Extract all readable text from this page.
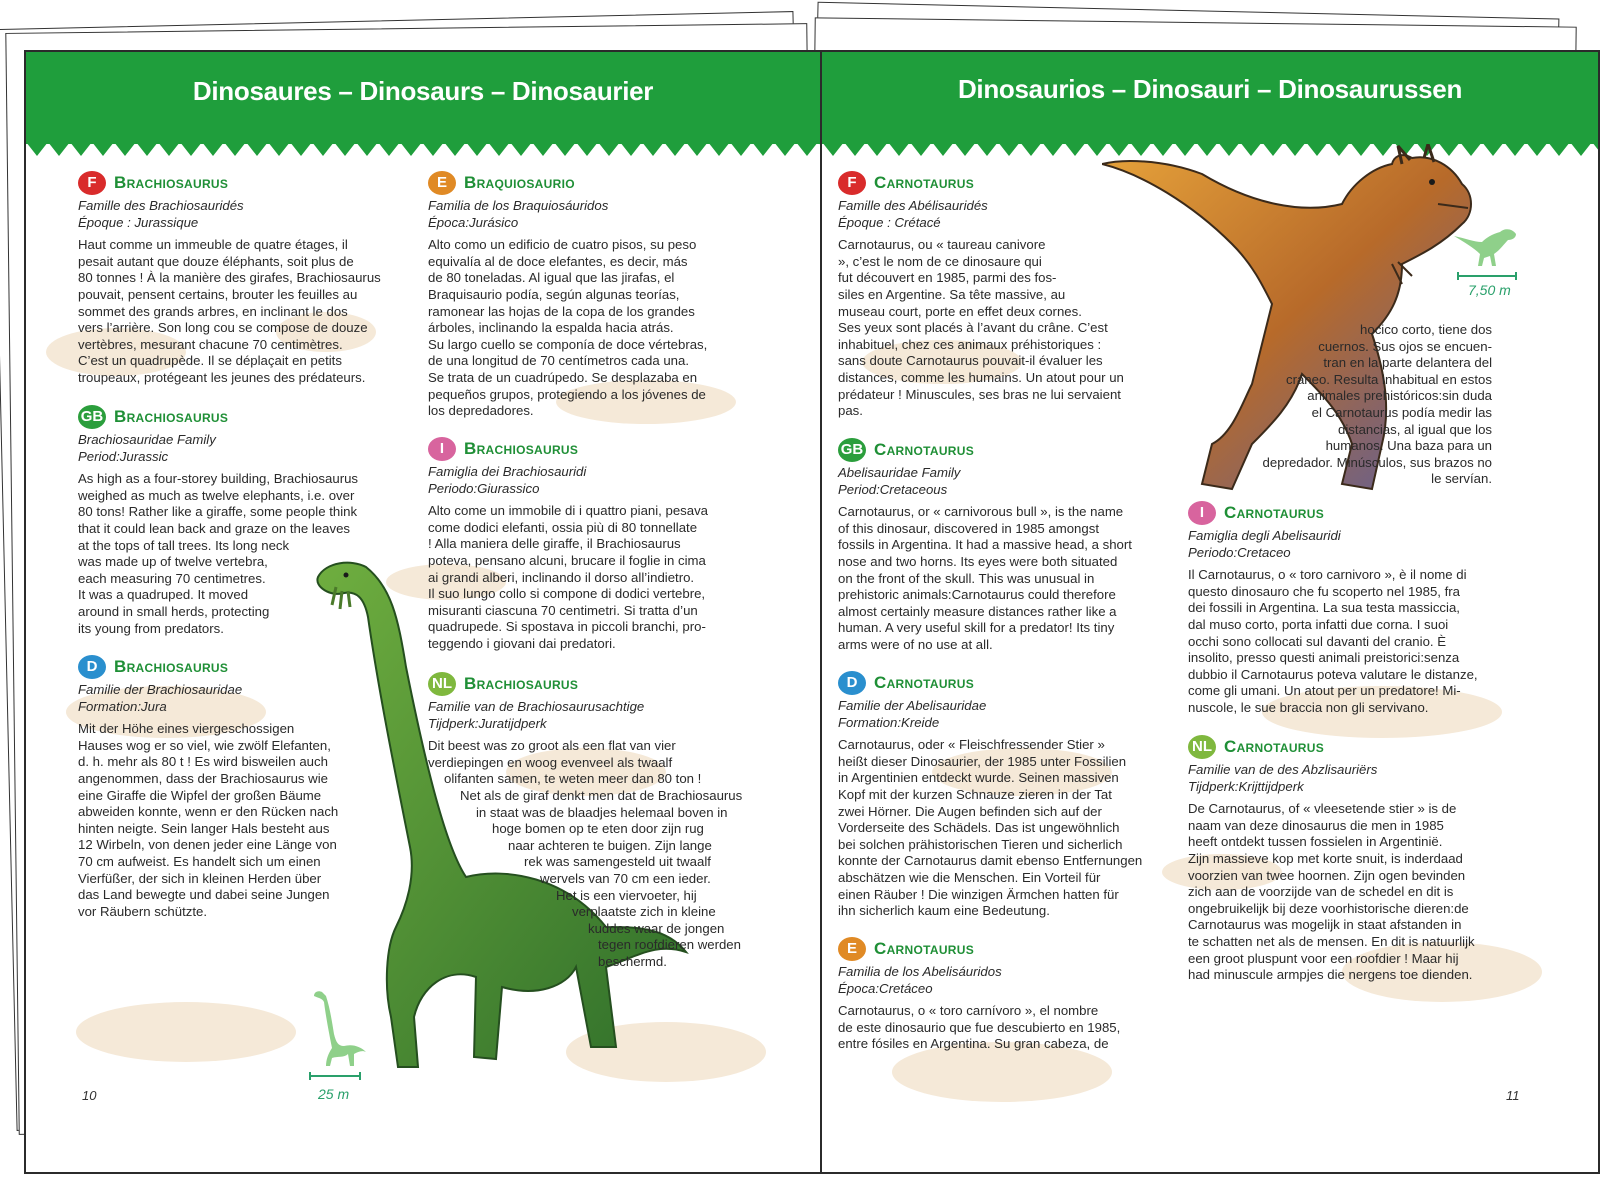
Dinosaures – Dinosaurs – Dinosaurier
25 m
F	Brachiosaurus
Famille des Brachiosauridés
Époque : Jurassique
Haut comme un immeuble de quatre étages, il
pesait autant que douze éléphants, soit plus de
80 tonnes ! À la manière des girafes, Brachiosaurus
pouvait, pensent certains, brouter les feuilles au
sommet des grands arbres, en inclinant le dos
vers l’arrière. Son long cou se compose de douze
vertèbres, mesurant chacune 70 centimètres.
C’est un quadrupède. Il se déplaçait en petits
troupeaux, protégeant les jeunes des prédateurs.
GB Brachiosaurus
Brachiosauridae Family
Period:Jurassic
As high as a four-storey building, Brachiosaurus
weighed as much as twelve elephants, i.e. over
80 tons! Rather like a giraffe, some people think
that it could lean back and graze on the leaves
at the tops of tall trees. Its long neck
was made up of twelve vertebra,
each measuring 70 centimetres.
It was a quadruped. It moved
around in small herds, protecting
its young from predators.
D Brachiosaurus
Familie der Brachiosauridae
Formation:Jura
Mit der Höhe eines viergeschossigen
Hauses wog er so viel, wie zwölf Elefanten,
d. h. mehr als 80 t ! Es wird bisweilen auch
angenommen, dass der Brachiosaurus wie
eine Giraffe die Wipfel der großen Bäume
abweiden konnte, wenn er den Rücken nach
hinten neigte. Sein langer Hals besteht aus
12 Wirbeln, von denen jeder eine Länge von
70 cm aufweist. Es handelt sich um einen
Vierfüßer, der sich in kleinen Herden über
das Land bewegte und dabei seine Jungen
vor Räubern schützte.
E	Braquiosaurio
Familia de los Braquiosáuridos
Época:Jurásico
Alto como un edificio de cuatro pisos, su peso
equivalía al de doce elefantes, es decir, más
de 80 toneladas. Al igual que las jirafas, el
Braquisaurio podía, según algunas teorías,
ramonear las hojas de la copa de los grandes
árboles, inclinando la espalda hacia atrás.
Su largo cuello se componía de doce vértebras,
de una longitud de 70 centímetros cada una.
Se trata de un cuadrúpedo. Se desplazaba en
pequeños grupos, protegiendo a los jóvenes de
los depredadores.
I	Brachiosaurus
Famiglia dei Brachiosauridi
Periodo:Giurassico
Alto come un immobile di i quattro piani, pesava
come dodici elefanti, ossia più di 80 tonnellate
! Alla maniera delle giraffe, il Brachiosaurus
poteva, pensano alcuni, brucare il foglie in cima
ai grandi alberi, inclinando il dorso all’indietro.
Il suo lungo collo si compone di dodici vertebre,
misuranti ciascuna 70 centimetri. Si tratta d’un
quadrupede. Si spostava in piccoli branchi, pro-
teggendo i giovani dai predatori.
NL Brachiosaurus
Familie van de Brachiosaurusachtige
Tijdperk:Juratijdperk
Dit beest was zo groot als een flat van vier
verdiepingen en woog evenveel als twaalf
olifanten samen, te weten meer dan 80 ton !
Net als de giraf denkt men dat de Brachiosaurus
in staat was de blaadjes helemaal boven in
hoge bomen op te eten door zijn rug
naar achteren te buigen. Zijn lange
rek was samengesteld uit twaalf
wervels van 70 cm een ieder.
Het is een viervoeter, hij
verplaatste zich in kleine
kuddes waar de jongen
tegen roofdieren werden
beschermd.
10
Dinosaurios – Dinosauri – Dinosaurussen
7,50 m
F	Carnotaurus
Famille des Abélisauridés
Époque : Crétacé
Carnotaurus, ou « taureau canivore
», c’est le nom de ce dinosaure qui
fut découvert en 1985, parmi des fos-
siles en Argentine. Sa tête massive, au
museau court, porte en effet deux cornes.
Ses yeux sont placés à l’avant du crâne. C’est
inhabituel, chez ces animaux préhistoriques :
sans doute Carnotaurus pouvait-il évaluer les
distances, comme les humains. Un atout pour un
prédateur ! Minuscules, ses bras ne lui servaient
pas.
GB Carnotaurus
Abelisauridae Family
Period:Cretaceous
Carnotaurus, or « carnivorous bull », is the name
of this dinosaur, discovered in 1985 amongst
fossils in Argentina. It had a massive head, a short
nose and two horns. Its eyes were both situated
on the front of the skull. This was unusual in
prehistoric animals:Carnotaurus could therefore
almost certainly measure distances rather like a
human. A very useful skill for a predator! Its tiny
arms were of no use at all.
D Carnotaurus
Familie der Abelisauridae
Formation:Kreide
Carnotaurus, oder « Fleischfressender Stier »
heißt dieser Dinosaurier, der 1985 unter Fossilien
in Argentinien entdeckt wurde. Seinen massiven
Kopf mit der kurzen Schnauze zieren in der Tat
zwei Hörner. Die Augen befinden sich auf der
Vorderseite des Schädels. Das ist ungewöhnlich
bei solchen prähistorischen Tieren und sicherlich
konnte der Carnotaurus damit ebenso Entfernungen
abschätzen wie die Menschen. Ein Vorteil für
einen Räuber ! Die winzigen Ärmchen hatten für
ihn sicherlich kaum eine Bedeutung.
E	Carnotaurus
Familia de los Abelisáuridos
Época:Cretáceo
Carnotaurus, o « toro carnívoro », el nombre
de este dinosaurio que fue descubierto en 1985,
entre fósiles en Argentina. Su gran cabeza, de
hocico corto, tiene dos
cuernos. Sus ojos se encuen-
tran en la parte delantera del
cráneo. Resulta inhabitual en estos
animales prehistóricos:sin duda
el Carnotaurus podía medir las
distancias, al igual que los
humanos. Una baza para un
depredador. Minúsculos, sus brazos no
le servían.
I	Carnotaurus
Famiglia degli Abelisauridi
Periodo:Cretaceo
Il Carnotaurus, o « toro carnivoro », è il nome di
questo dinosauro che fu scoperto nel 1985, fra
dei fossili in Argentina. La sua testa massiccia,
dal muso corto, porta infatti due corna. I suoi
occhi sono collocati sul davanti del cranio. È
insolito, presso questi animali preistorici:senza
dubbio il Carnotaurus poteva valutare le distanze,
come gli umani. Un atout per un predatore! Mi-
nuscole, le sue braccia non gli servivano.
NL Carnotaurus
Familie van de des Abzlisauriërs
Tijdperk:Krijttijdperk
De Carnotaurus, of « vleesetende stier » is de
naam van deze dinosaurus die men in 1985
heeft ontdekt tussen fossielen in Argentinië.
Zijn massieve kop met korte snuit, is inderdaad
voorzien van twee hoornen. Zijn ogen bevinden
zich aan de voorzijde van de schedel en dit is
ongebruikelijk bij deze voorhistorische dieren:de
Carnotaurus was mogelijk in staat afstanden in
te schatten net als de mensen. En dit is natuurlijk
een groot pluspunt voor een roofdier ! Maar hij
had minuscule armpjes die nergens toe dienden.
11
